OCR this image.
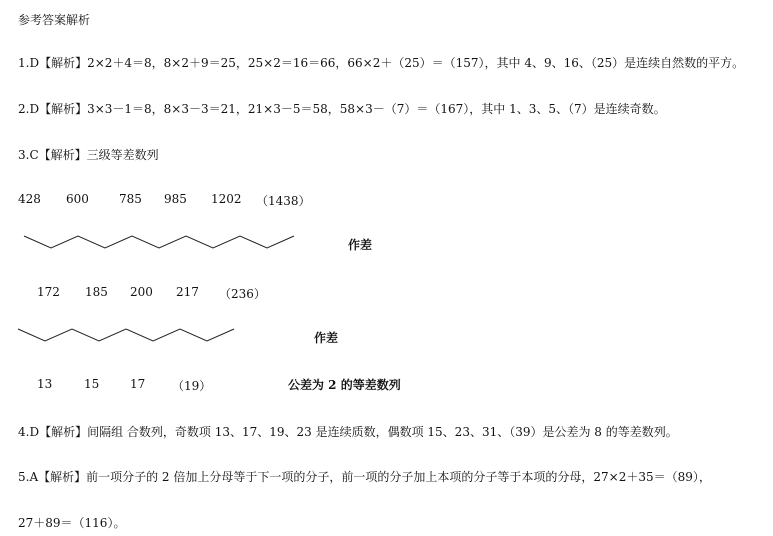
参考答案解析
1.D【解析】2×2＋4＝8，8×2＋9＝25，25×2＝16＝66，66×2＋（25）＝（157），其中 4、9、16、（25）是连续自然数的平方。
2.D【解析】3×3－1＝8，8×3－3＝21，21×3－5＝58，58×3－（7）＝（167），其中 1、3、5、（7）是连续奇数。
3.C【解析】三级等差数列
428 600	785 985 1202 （1438）
作差
172 185 200 217 （236）
作差
13	15	17 （19）	公差为 2 的等差数列
4.D【解析】间隔组 合数列，奇数项 13、17、19、23 是连续质数，偶数项 15、23、31、（39）是公差为 8 的等差数列。
5.A【解析】前一项分子的 2 倍加上分母等于下一项的分子，前一项的分子加上本项的分子等于本项的分母，27×2＋35＝（89），
27＋89＝（116）。
